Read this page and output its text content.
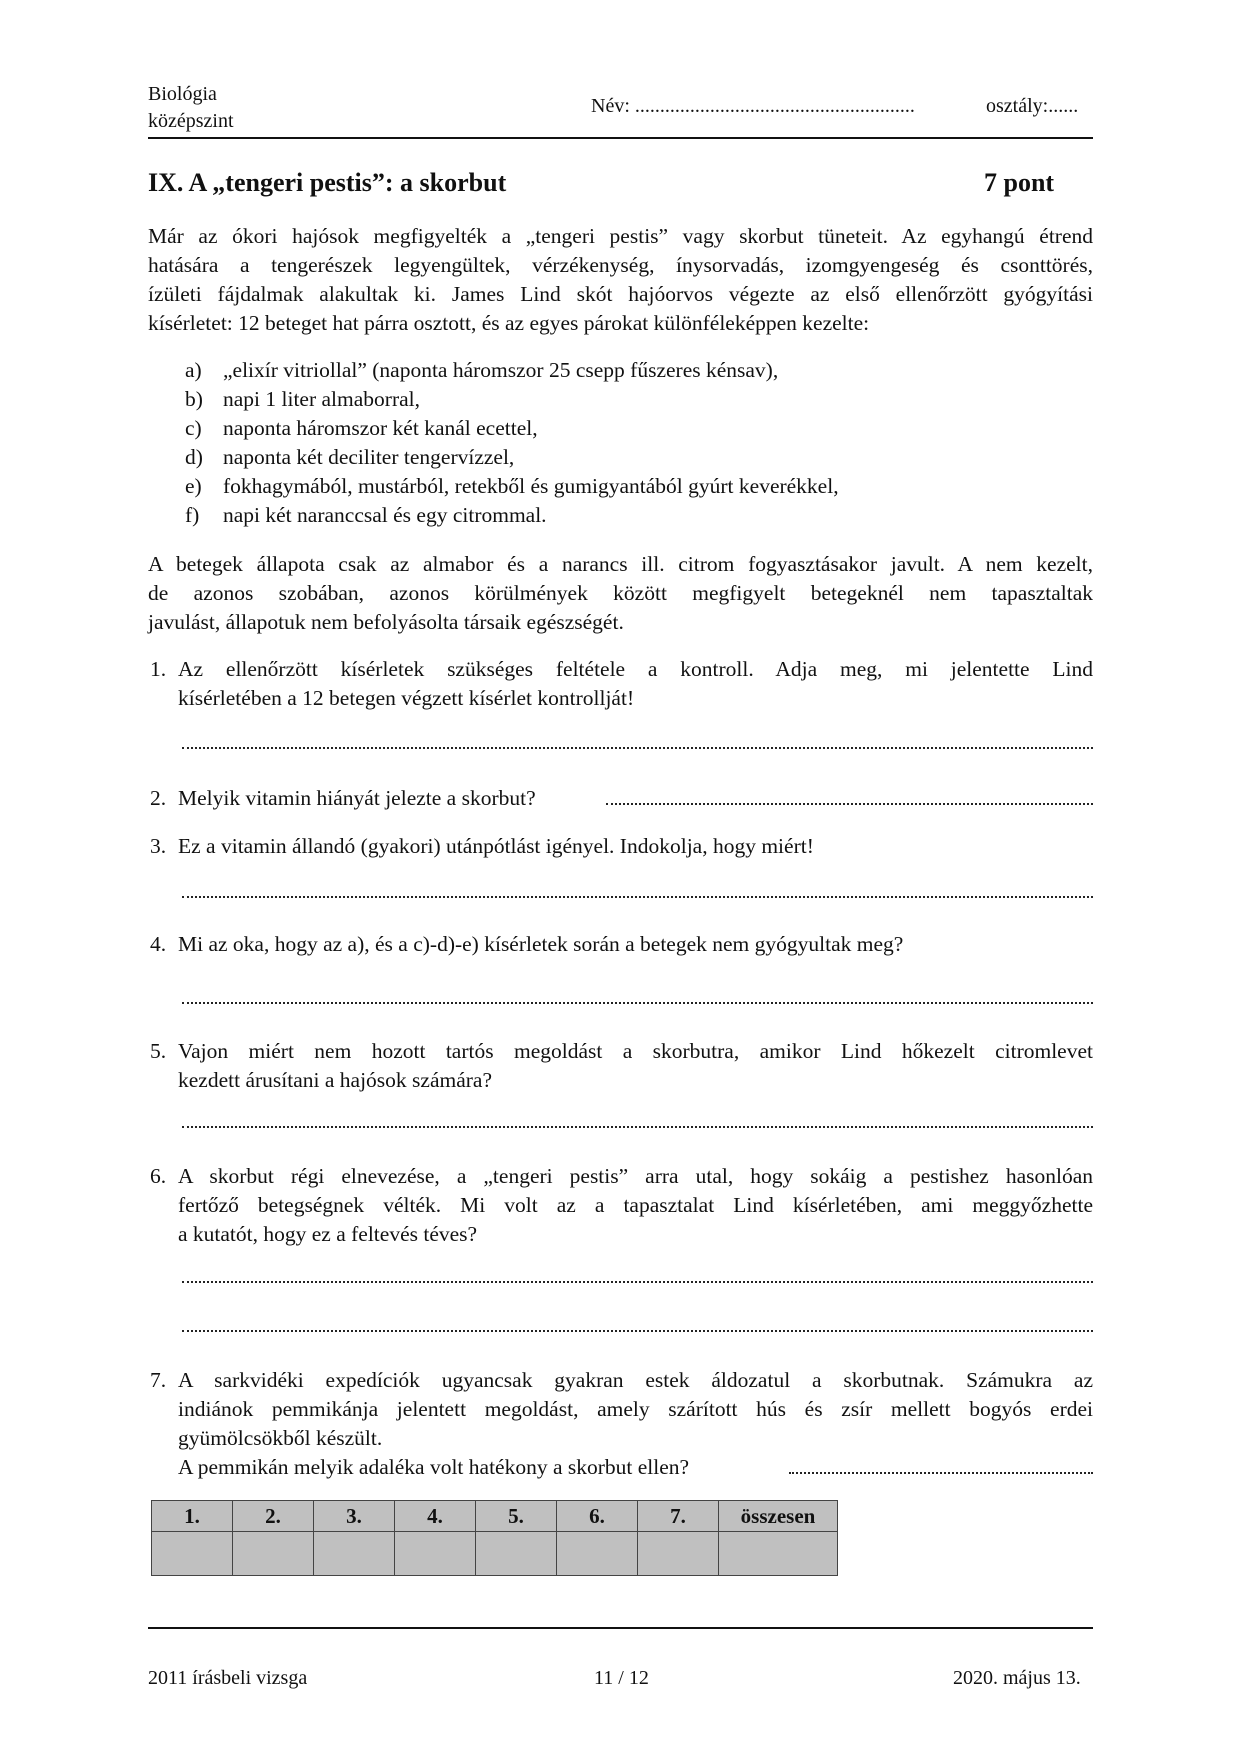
Biológia
középszint
Név: ........................................................	osztály:......
IX. A „tengeri pestis”: a skorbut	7 pont
Már az ókori hajósok megfigyelték a „tengeri pestis” vagy skorbut tüneteit. Az egyhangú étrend
hatására a tengerészek legyengültek, vérzékenység, ínysorvadás, izomgyengeség és csonttörés,
ízületi fájdalmak alakultak ki. James Lind skót hajóorvos végezte az első ellenőrzött gyógyítási
kísérletet: 12 beteget hat párra osztott, és az egyes párokat különféleképpen kezelte:
a) „elixír vitriollal” (naponta háromszor 25 csepp fűszeres kénsav),
b) napi 1 liter almaborral,
c) naponta háromszor két kanál ecettel,
d) naponta két deciliter tengervízzel,
e) fokhagymából, mustárból, retekből és gumigyantából gyúrt keverékkel,
f) napi két naranccsal és egy citrommal.
A betegek állapota csak az almabor és a narancs ill. citrom fogyasztásakor javult. A nem kezelt,
de azonos szobában, azonos körülmények között megfigyelt betegeknél nem tapasztaltak
javulást, állapotuk nem befolyásolta társaik egészségét.
1. Az ellenőrzött kísérletek szükséges feltétele a kontroll. Adja meg, mi jelentette Lind
kísérletében a 12 betegen végzett kísérlet kontrollját!
2. Melyik vitamin hiányát jelezte a skorbut?
3. Ez a vitamin állandó (gyakori) utánpótlást igényel. Indokolja, hogy miért!
4. Mi az oka, hogy az a), és a c)-d)-e) kísérletek során a betegek nem gyógyultak meg?
5. Vajon miért nem hozott tartós megoldást a skorbutra, amikor Lind hőkezelt citromlevet
kezdett árusítani a hajósok számára?
6. A skorbut régi elnevezése, a „tengeri pestis” arra utal, hogy sokáig a pestishez hasonlóan
fertőző betegségnek vélték. Mi volt az a tapasztalat Lind kísérletében, ami meggyőzhette
a kutatót, hogy ez a feltevés téves?
7. A sarkvidéki expedíciók ugyancsak gyakran estek áldozatul a skorbutnak. Számukra az
indiánok pemmikánja jelentett megoldást, amely szárított hús és zsír mellett bogyós erdei
gyümölcsökből készült.
A pemmikán melyik adaléka volt hatékony a skorbut ellen?
1.	2.	3.	4.	5.	6.	7.	összesen

2011 írásbeli vizsga	11 / 12	2020. május 13.
